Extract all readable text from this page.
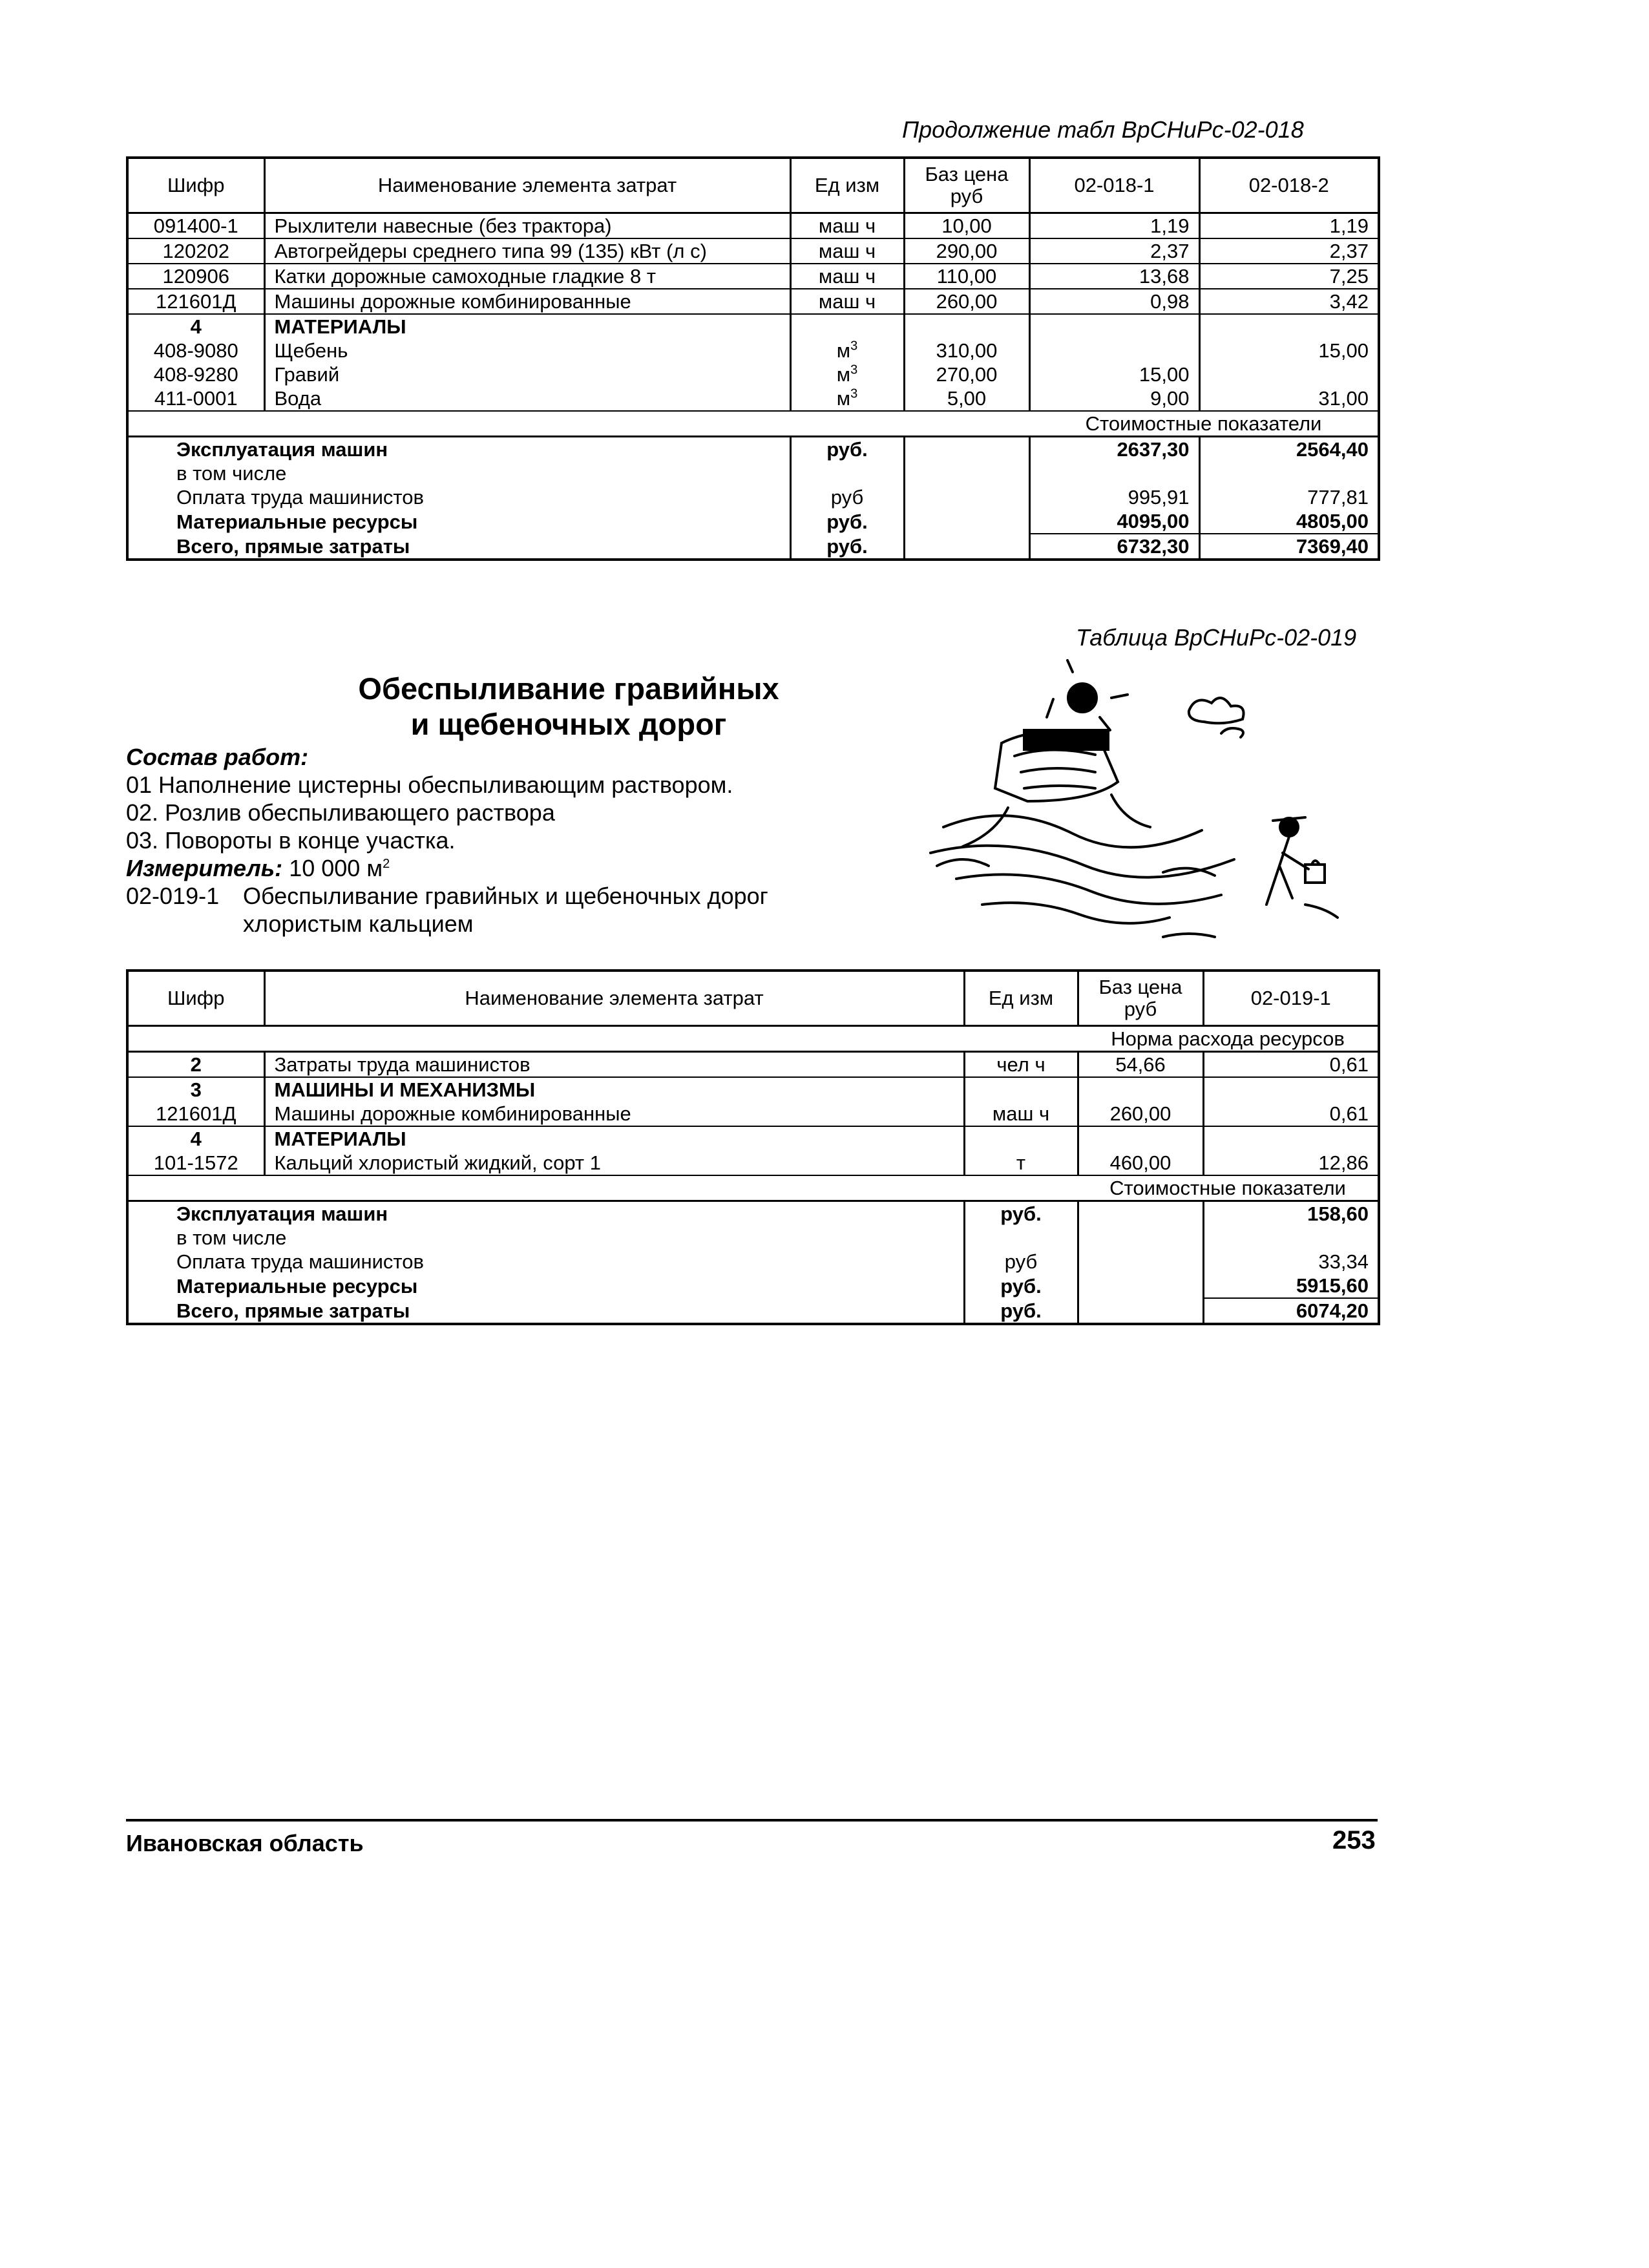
Продолжение табл ВрСНиРс-02-018
Шифр	Наименование элемента затрат	Ед изм	Баз цена руб	02-018-1	02-018-2
091400-1	Рыхлители навесные (без трактора)	маш ч	10,00	1,19	1,19
120202	Автогрейдеры среднего типа 99 (135) кВт (л с)	маш ч	290,00	2,37	2,37
120906	Катки дорожные самоходные гладкие 8 т	маш ч	110,00	13,68	7,25
121601Д	Машины дорожные комбинированные	маш ч	260,00	0,98	3,42
4	МАТЕРИАЛЫ				
408-9080	Щебень	$м^3$	310,00		15,00
408-9280	Гравий	$м^3$	270,00	15,00	
411-0001	Вода	$м^3$	5,00	9,00	31,00
				Стоимостные показатели	
Эксплуатация машин		руб.		2637,30	2564,40
в том числе					
Оплата труда машинистов		руб		995,91	777,81
Материальные ресурсы		руб.		4095,00	4805,00
Всего, прямые затраты		руб.		6732,30	7369,40
Таблица ВрСНиРс-02-019
Обеспыливание гравийных
и щебеночных дорог
Состав работ:
01 Наполнение цистерны обеспыливающим раствором.
02. Розлив обеспыливающего раствора
03. Повороты в конце участка.
Измеритель: 10 000 $м^2$
02-019-1 Обеспыливание гравийных и щебеночных дорог
хлористым кальцием
Шифр	Наименование элемента затрат	Ед изм	Баз цена руб	02-019-1
			Норма расхода ресурсов	
2	Затраты труда машинистов	чел ч	54,66	0,61
3	МАШИНЫ И МЕХАНИЗМЫ			
121601Д	Машины дорожные комбинированные	маш ч	260,00	0,61
4	МАТЕРИАЛЫ			
101-1572	Кальций хлористый жидкий, сорт 1	т	460,00	12,86
			Стоимостные показатели	
Эксплуатация машин		руб.		158,60
в том числе				
Оплата труда машинистов		руб		33,34
Материальные ресурсы		руб.		5915,60
Всего, прямые затраты		руб.		6074,20
Ивановская область	253
